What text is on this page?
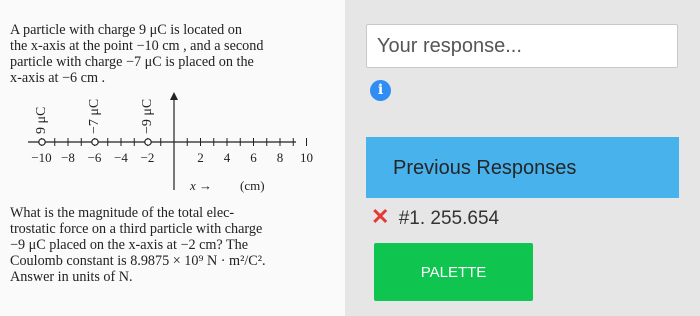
A particle with charge 9 μC is located on
the x-axis at the point −10 cm , and a second
particle with charge −7 μC is placed on the
x-axis at −6 cm .

9 μC	−7 μC	−9 μC
−10 −8 −6 −4 −2	2 4 6 8 10
x → (cm)

What is the magnitude of the total elec-
trostatic force on a third particle with charge
−9 μC placed on the x-axis at −2 cm? The
Coulomb constant is 8.9875 × 10⁹ N · m²/C².
Answer in units of N.

Your response...
i
Previous Responses
✕ #1. 255.654
PALETTE
